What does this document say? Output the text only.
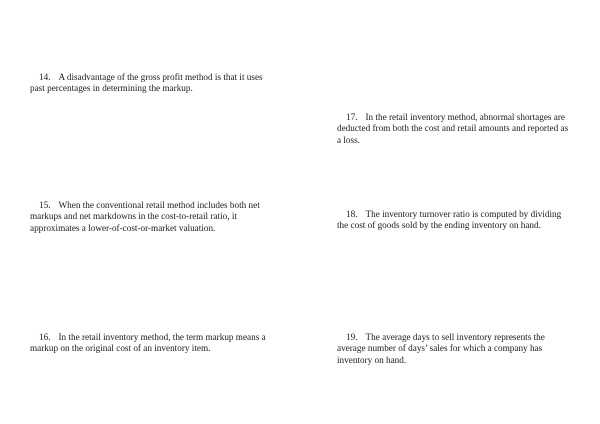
14. A disadvantage of the gross profit method is that it uses past percentages in determining the markup.

15. When the conventional retail method includes both net markups and net markdowns in the cost-to-retail ratio, it approximates a lower-of-cost-or-market valuation.

16. In the retail inventory method, the term markup means a markup on the original cost of an inventory item.

17. In the retail inventory method, abnormal shortages are deducted from both the cost and retail amounts and reported as a loss.

18. The inventory turnover ratio is computed by dividing the cost of goods sold by the ending inventory on hand.

19. The average days to sell inventory represents the average number of days’ sales for which a company has inventory on hand.
